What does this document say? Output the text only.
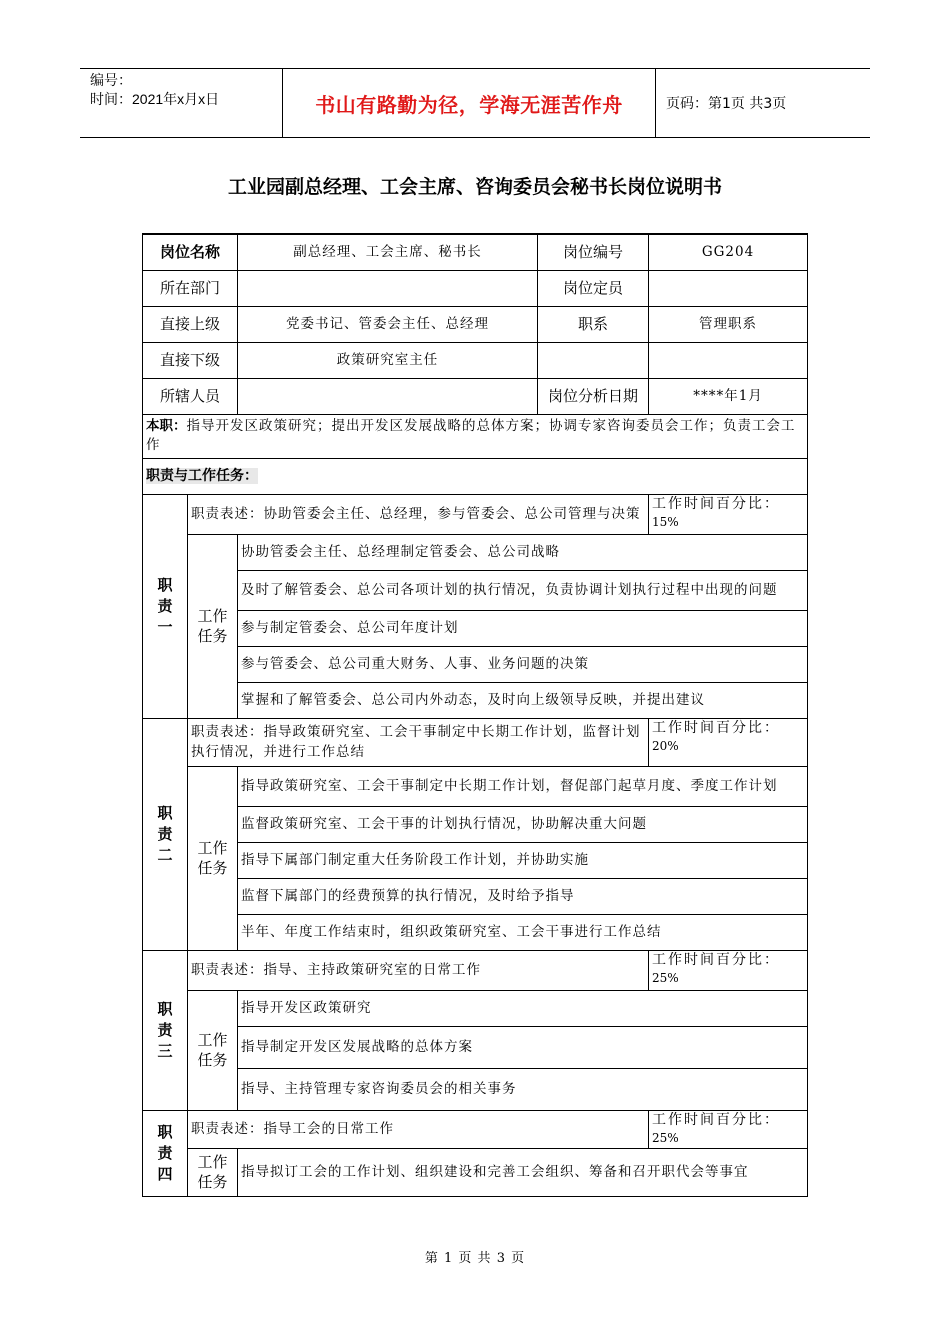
编号：
时间：2021年x月x日	书山有路勤为径，学海无涯苦作舟	页码：第1页 共3页
工业园副总经理、工会主席、咨询委员会秘书长岗位说明书
岗位名称		副总经理、工会主席、秘书长	岗位编号	GG204
所在部门			岗位定员	
直接上级		党委书记、管委会主任、总经理	职系	管理职系
直接下级		政策研究室主任		
所辖人员			岗位分析日期	****年1月
本职：指导开发区政策研究；提出开发区发展战略的总体方案；协调专家咨询委员会工作；负责工会工作				
职责与工作任务：				
职责一	职责表述：协助管委会主任、总经理，参与管委会、总公司管理与决策			工作时间百分比：
15%
	工作任务	协助管委会主任、总经理制定管委会、总公司战略		
		及时了解管委会、总公司各项计划的执行情况，负责协调计划执行过程中出现的问题		
		参与制定管委会、总公司年度计划		
		参与管委会、总公司重大财务、人事、业务问题的决策		
		掌握和了解管委会、总公司内外动态，及时向上级领导反映，并提出建议		
职责二	职责表述：指导政策研究室、工会干事制定中长期工作计划，监督计划执行情况，并进行工作总结			工作时间百分比：
20%
	工作任务	指导政策研究室、工会干事制定中长期工作计划，督促部门起草月度、季度工作计划		
		监督政策研究室、工会干事的计划执行情况，协助解决重大问题		
		指导下属部门制定重大任务阶段工作计划，并协助实施		
		监督下属部门的经费预算的执行情况，及时给予指导		
		半年、年度工作结束时，组织政策研究室、工会干事进行工作总结		
职责三	职责表述：指导、主持政策研究室的日常工作			工作时间百分比：
25%
	工作任务	指导开发区政策研究		
		指导制定开发区发展战略的总体方案		
		指导、主持管理专家咨询委员会的相关事务		
职责四	职责表述：指导工会的日常工作			工作时间百分比：
25%
	工作任务	指导拟订工会的工作计划、组织建设和完善工会组织、筹备和召开职代会等事宜		
第 1 页 共 3 页
